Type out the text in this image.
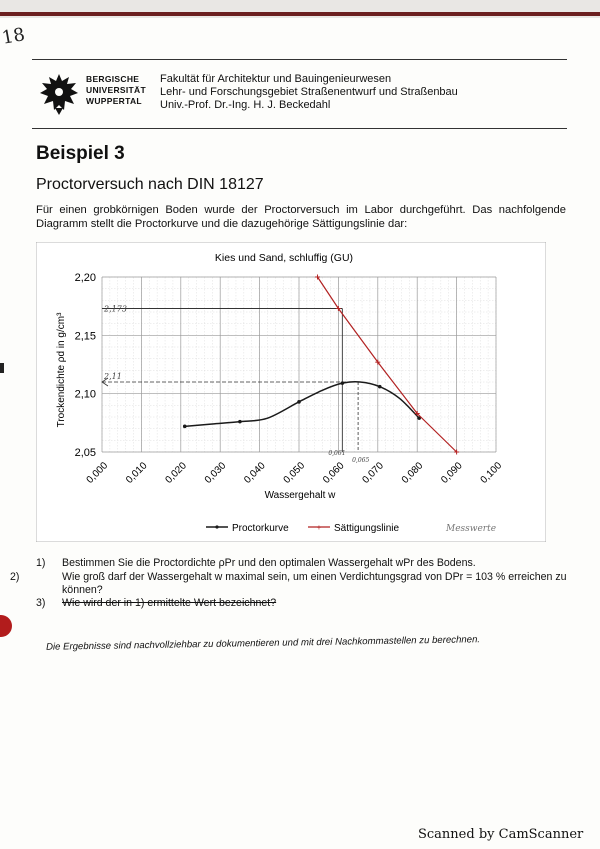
18
BERGISCHE
UNIVERSITÄT
WUPPERTAL
Fakultät für Architektur und Bauingenieurwesen
Lehr- und Forschungsgebiet Straßenentwurf und Straßenbau
Univ.-Prof. Dr.-Ing. H. J. Beckedahl
Beispiel 3
Proctorversuch nach DIN 18127
Für einen grobkörnigen Boden wurde der Proctorversuch im Labor durchgeführt. Das nachfolgende Diagramm stellt die Proctorkurve und die dazugehörige Sättigungslinie dar:
Kies und Sand, schluffig (GU)
2,05
2,10
2,15
2,20
0,000 0,010 0,020 0,030 0,040 0,050 0,060 0,070 0,080 0,090 0,100
Trockendichte ρd in g/cm³
Wassergehalt w
2,173
2,11
0,061
0,065
Proctorkurve	+ Sättigungslinie	Messwerte
1) Bestimmen Sie die Proctordichte ρPr und den optimalen Wassergehalt wPr des Bodens.
2)	Wie groß darf der Wassergehalt w maximal sein, um einen Verdichtungsgrad von DPr = 103 % erreichen zu können?
3) Wie wird der in 1) ermittelte Wert bezeichnet?
Die Ergebnisse sind nachvollziehbar zu dokumentieren und mit drei Nachkommastellen zu berechnen.
Scanned by CamScanner
